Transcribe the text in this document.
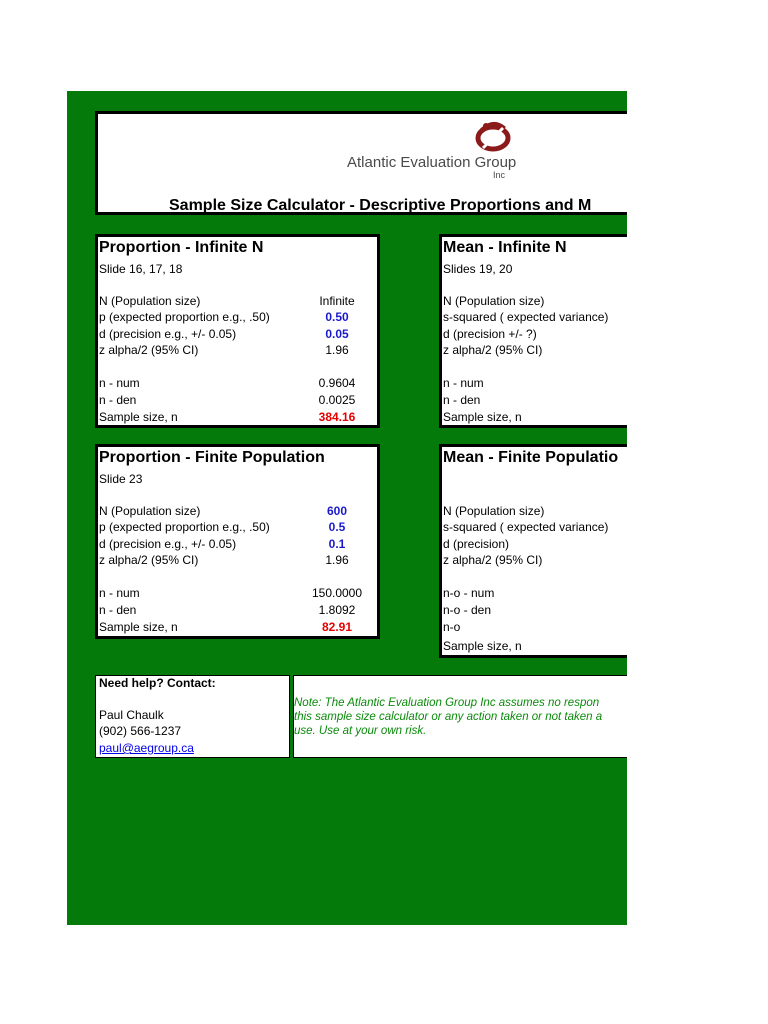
Atlantic Evaluation Group
Inc
Sample Size Calculator - Descriptive Proportions and M
Proportion - Infinite N
Slide 16, 17, 18
N (Population size)	Infinite
p (expected proportion e.g., .50)	0.50
d (precision e.g., +/- 0.05)	0.05
z alpha/2 (95% CI)	1.96
n - num	0.9604
n - den	0.0025
Sample size, n	384.16
Mean - Infinite N
Slides 19, 20
N (Population size)
s-squared ( expected variance)
d (precision +/- ?)
z alpha/2 (95% CI)
n - num
n - den
Sample size, n
Proportion - Finite Population
Slide 23
N (Population size)	600
p (expected proportion e.g., .50)	0.5
d (precision e.g., +/- 0.05)	0.1
z alpha/2 (95% CI)	1.96
n - num	150.0000
n - den	1.8092
Sample size, n	82.91
Mean - Finite Populatio
N (Population size)
s-squared ( expected variance)
d (precision)
z alpha/2 (95% CI)
n-o - num
n-o - den
n-o
Sample size, n
Need help? Contact:
Paul Chaulk
(902) 566-1237
paul@aegroup.ca
Note: The Atlantic Evaluation Group Inc assumes no respon
this sample size calculator or any action taken or not taken a
use. Use at your own risk.
